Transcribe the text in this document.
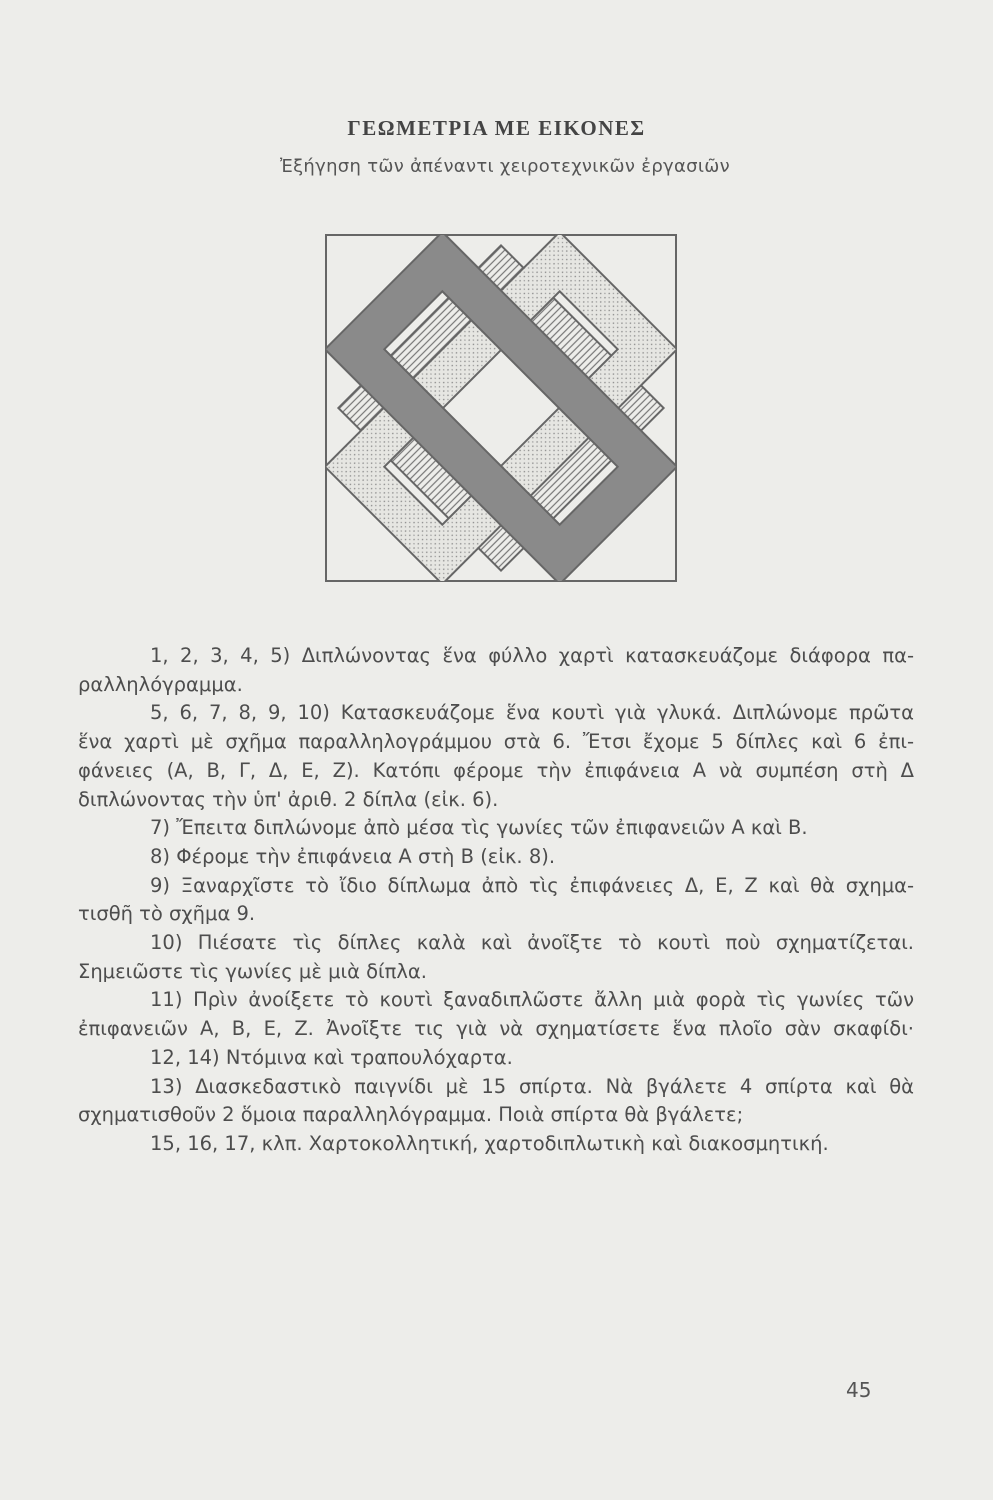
ΓΕΩΜΕΤΡΙΑ ΜΕ ΕΙΚΟΝΕΣ
Ἐξήγηση τῶν ἀπέναντι χειροτεχνικῶν ἐργασιῶν
1, 2, 3, 4, 5) Διπλώνοντας ἕνα φύλλο χαρτὶ κατασκευάζομε διάφορα πα-
ραλληλόγραμμα.
5, 6, 7, 8, 9, 10) Κατασκευάζομε ἕνα κουτὶ γιὰ γλυκά. Διπλώνομε πρῶτα
ἕνα χαρτὶ μὲ σχῆμα παραλληλογράμμου στὰ 6. Ἔτσι ἔχομε 5 δίπλες καὶ 6 ἐπι-
φάνειες (Α, Β, Γ, Δ, Ε, Ζ). Κατόπι φέρομε τὴν ἐπιφάνεια Α νὰ συμπέση στὴ Δ
διπλώνοντας τὴν ὑπ' ἀριθ. 2 δίπλα (εἰκ. 6).
7) Ἔπειτα διπλώνομε ἀπὸ μέσα τὶς γωνίες τῶν ἐπιφανειῶν Α καὶ Β.
8) Φέρομε τὴν ἐπιφάνεια Α στὴ Β (εἰκ. 8).
9) Ξαναρχῖστε τὸ ἴδιο δίπλωμα ἀπὸ τὶς ἐπιφάνειες Δ, Ε, Ζ καὶ θὰ σχημα-
τισθῆ τὸ σχῆμα 9.
10) Πιέσατε τὶς δίπλες καλὰ καὶ ἀνοῖξτε τὸ κουτὶ ποὺ σχηματίζεται.
Σημειῶστε τὶς γωνίες μὲ μιὰ δίπλα.
11) Πρὶν ἀνοίξετε τὸ κουτὶ ξαναδιπλῶστε ἄλλη μιὰ φορὰ τὶς γωνίες τῶν
ἐπιφανειῶν Α, Β, Ε, Ζ. Ἀνοῖξτε τις γιὰ νὰ σχηματίσετε ἕνα πλοῖο σὰν σκαφίδι·
12, 14) Ντόμινα καὶ τραπουλόχαρτα.
13) Διασκεδαστικὸ παιγνίδι μὲ 15 σπίρτα. Νὰ βγάλετε 4 σπίρτα καὶ θὰ
σχηματισθοῦν 2 ὅμοια παραλληλόγραμμα. Ποιὰ σπίρτα θὰ βγάλετε;
15, 16, 17, κλπ. Χαρτοκολλητική, χαρτοδιπλωτικὴ καὶ διακοσμητική.
45
